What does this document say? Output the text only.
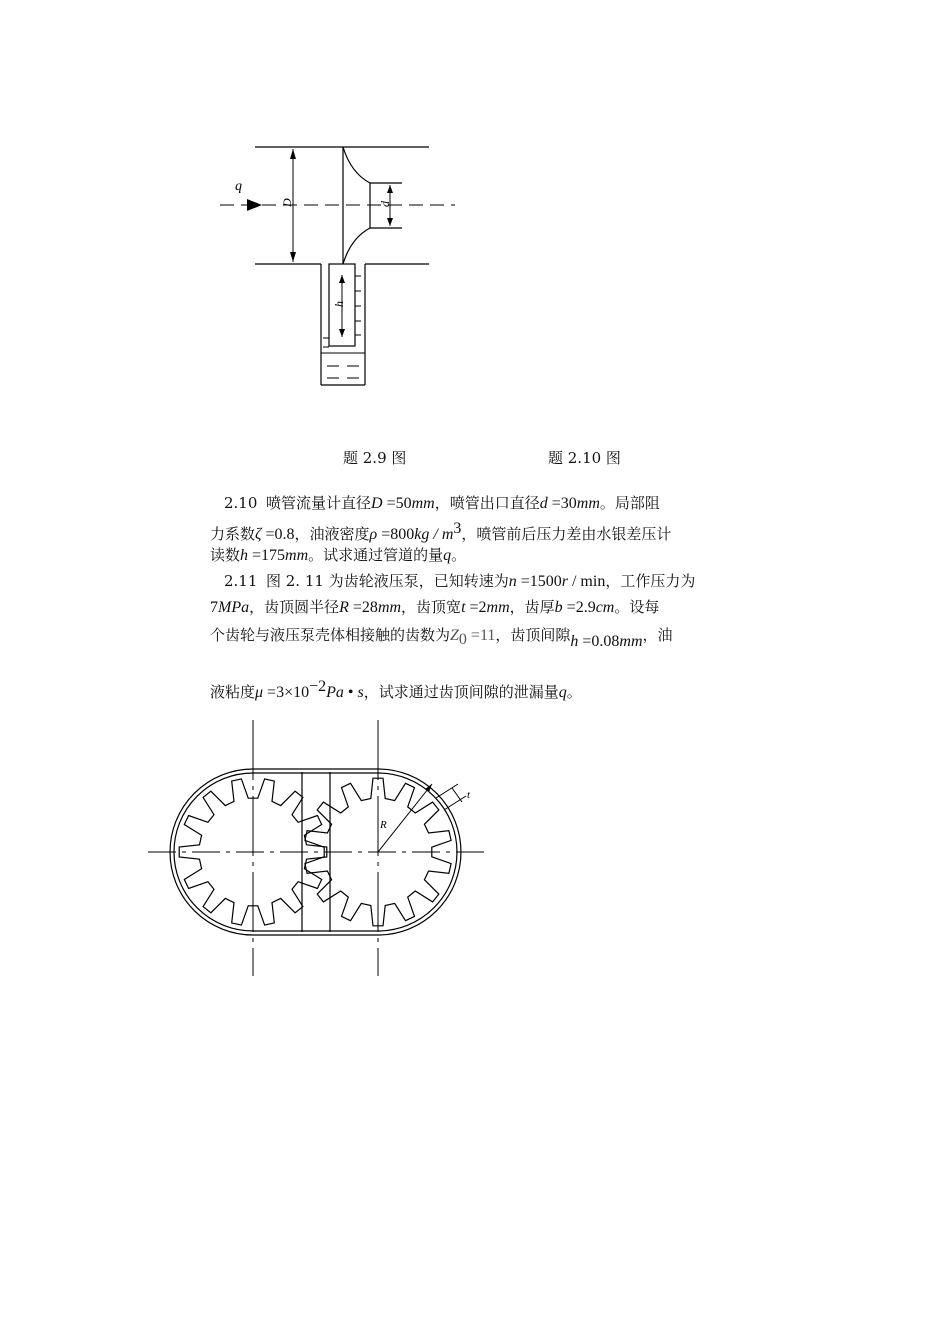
q
D	d
h
题 2.9 图	题 2.10 图
2.10 喷管流量计直径D =50mm，喷管出口直径d =30mm。局部阻
力系数ζ =0.8，油液密度$\rho =800kg / m^3$，喷管前后压力差由水银差压计
读数h =175mm。试求通过管道的量q。
2.11 图 2. 11 为齿轮液压泵，已知转速为n =1500r / min，工作压力为
7MPa，齿顶圆半径R =28mm，齿顶宽t =2mm，齿厚b =2.9cm。设每
个齿轮与液压泵壳体相接触的齿数为$Z_0 =11$，齿顶间隙h =0.08mm，油
液粘度$\mu =3\times 10^{-2}Pa$ • s，试求通过齿顶间隙的泄漏量q。
R
t
